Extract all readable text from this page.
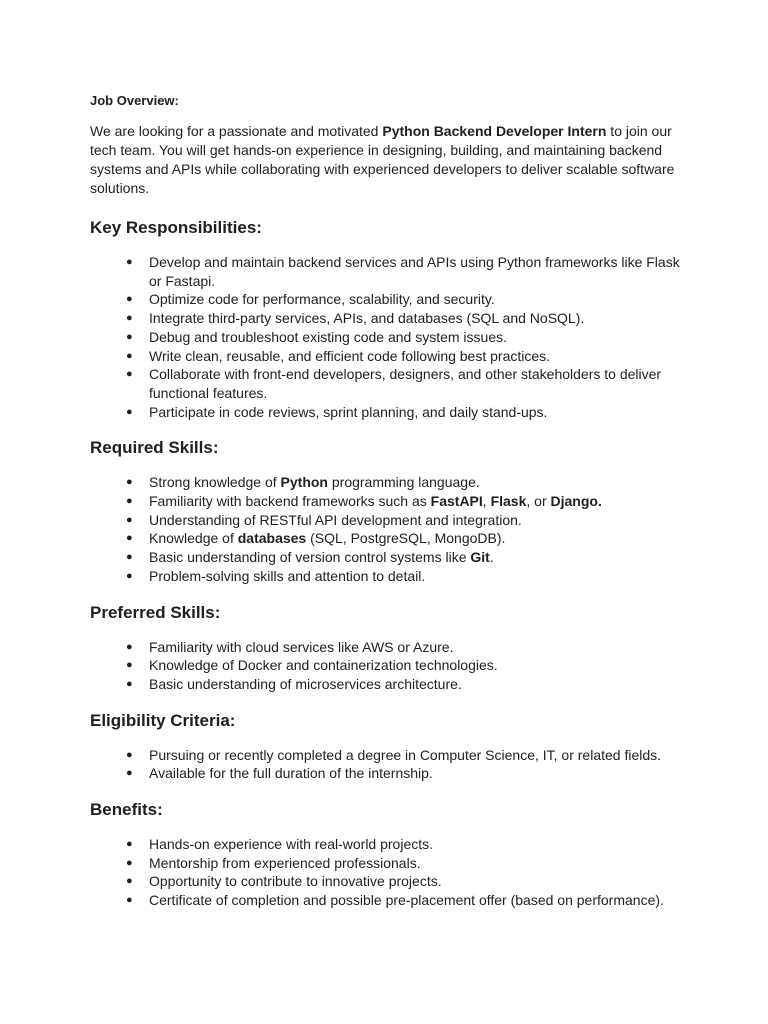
Job Overview:

We are looking for a passionate and motivated Python Backend Developer Intern to join our tech team. You will get hands-on experience in designing, building, and maintaining backend systems and APIs while collaborating with experienced developers to deliver scalable software solutions.

Key Responsibilities:
● Develop and maintain backend services and APIs using Python frameworks like Flask or Fastapi.
● Optimize code for performance, scalability, and security.
● Integrate third-party services, APIs, and databases (SQL and NoSQL).
● Debug and troubleshoot existing code and system issues.
● Write clean, reusable, and efficient code following best practices.
● Collaborate with front-end developers, designers, and other stakeholders to deliver functional features.
● Participate in code reviews, sprint planning, and daily stand-ups.
Required Skills:
● Strong knowledge of Python programming language.
● Familiarity with backend frameworks such as FastAPI, Flask, or Django.
● Understanding of RESTful API development and integration.
● Knowledge of databases (SQL, PostgreSQL, MongoDB).
● Basic understanding of version control systems like Git.
● Problem-solving skills and attention to detail.
Preferred Skills:
● Familiarity with cloud services like AWS or Azure.
● Knowledge of Docker and containerization technologies.
● Basic understanding of microservices architecture.
Eligibility Criteria:
● Pursuing or recently completed a degree in Computer Science, IT, or related fields.
● Available for the full duration of the internship.
Benefits:
● Hands-on experience with real-world projects.
● Mentorship from experienced professionals.
● Opportunity to contribute to innovative projects.
● Certificate of completion and possible pre-placement offer (based on performance).
